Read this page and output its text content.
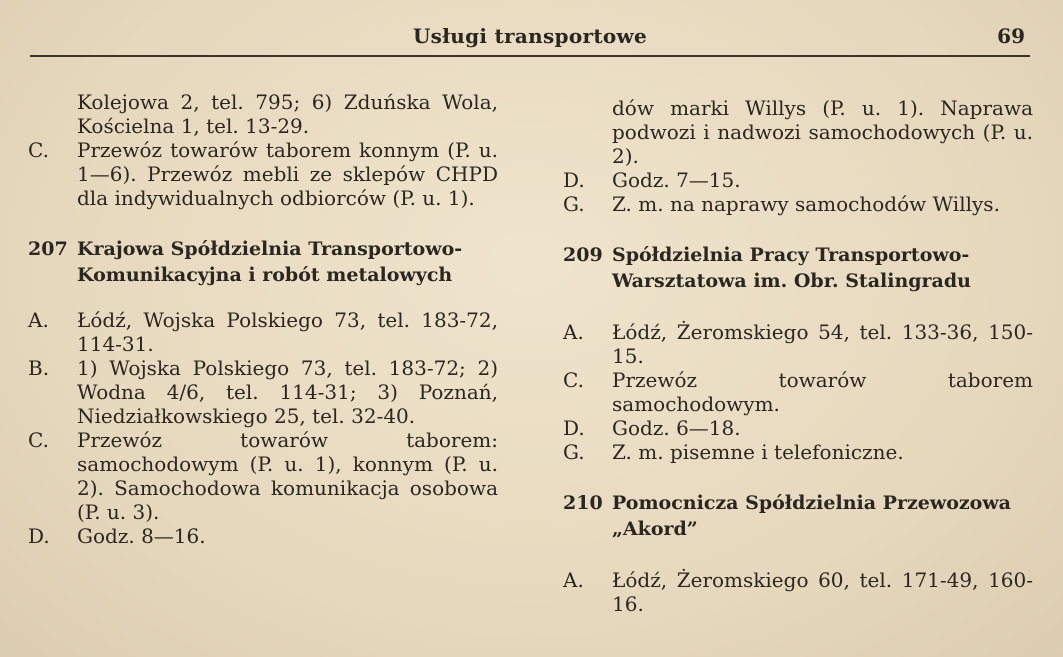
Usługi transportowe	69
Kolejowa 2, tel. 795; 6) Zduńska Wola, Kościelna 1, tel. 13-29.
C.	Przewóz towarów taborem konnym (P. u. 1—6). Przewóz mebli ze sklepów CHPD dla indywidualnych odbiorców (P. u. 1).
207 Krajowa Spółdzielnia Transportowo-Komunikacyjna i robót metalowych
A.	Łódź, Wojska Polskiego 73, tel. 183-72, 114-31.
B.	1) Wojska Polskiego 73, tel. 183-72; 2) Wodna 4/6, tel. 114-31; 3) Poznań, Niedziałkowskiego 25, tel. 32-40.
C.	Przewóz towarów taborem: samochodowym (P. u. 1), konnym (P. u. 2). Samochodowa komunikacja osobowa (P. u. 3).
D.	Godz. 8—16.
dów marki Willys (P. u. 1). Naprawa podwozi i nadwozi samochodowych (P. u. 2).
D.	Godz. 7—15.
G.	Z. m. na naprawy samochodów Willys.
209 Spółdzielnia Pracy Transportowo-Warsztatowa im. Obr. Stalingradu
A.	Łódź, Żeromskiego 54, tel. 133-36, 150-15.
C.	Przewóz towarów taborem samochodowym.
D.	Godz. 6—18.
G.	Z. m. pisemne i telefoniczne.
210 Pomocnicza Spółdzielnia Przewozowa „Akord”
A.	Łódź, Żeromskiego 60, tel. 171-49, 160-16.
